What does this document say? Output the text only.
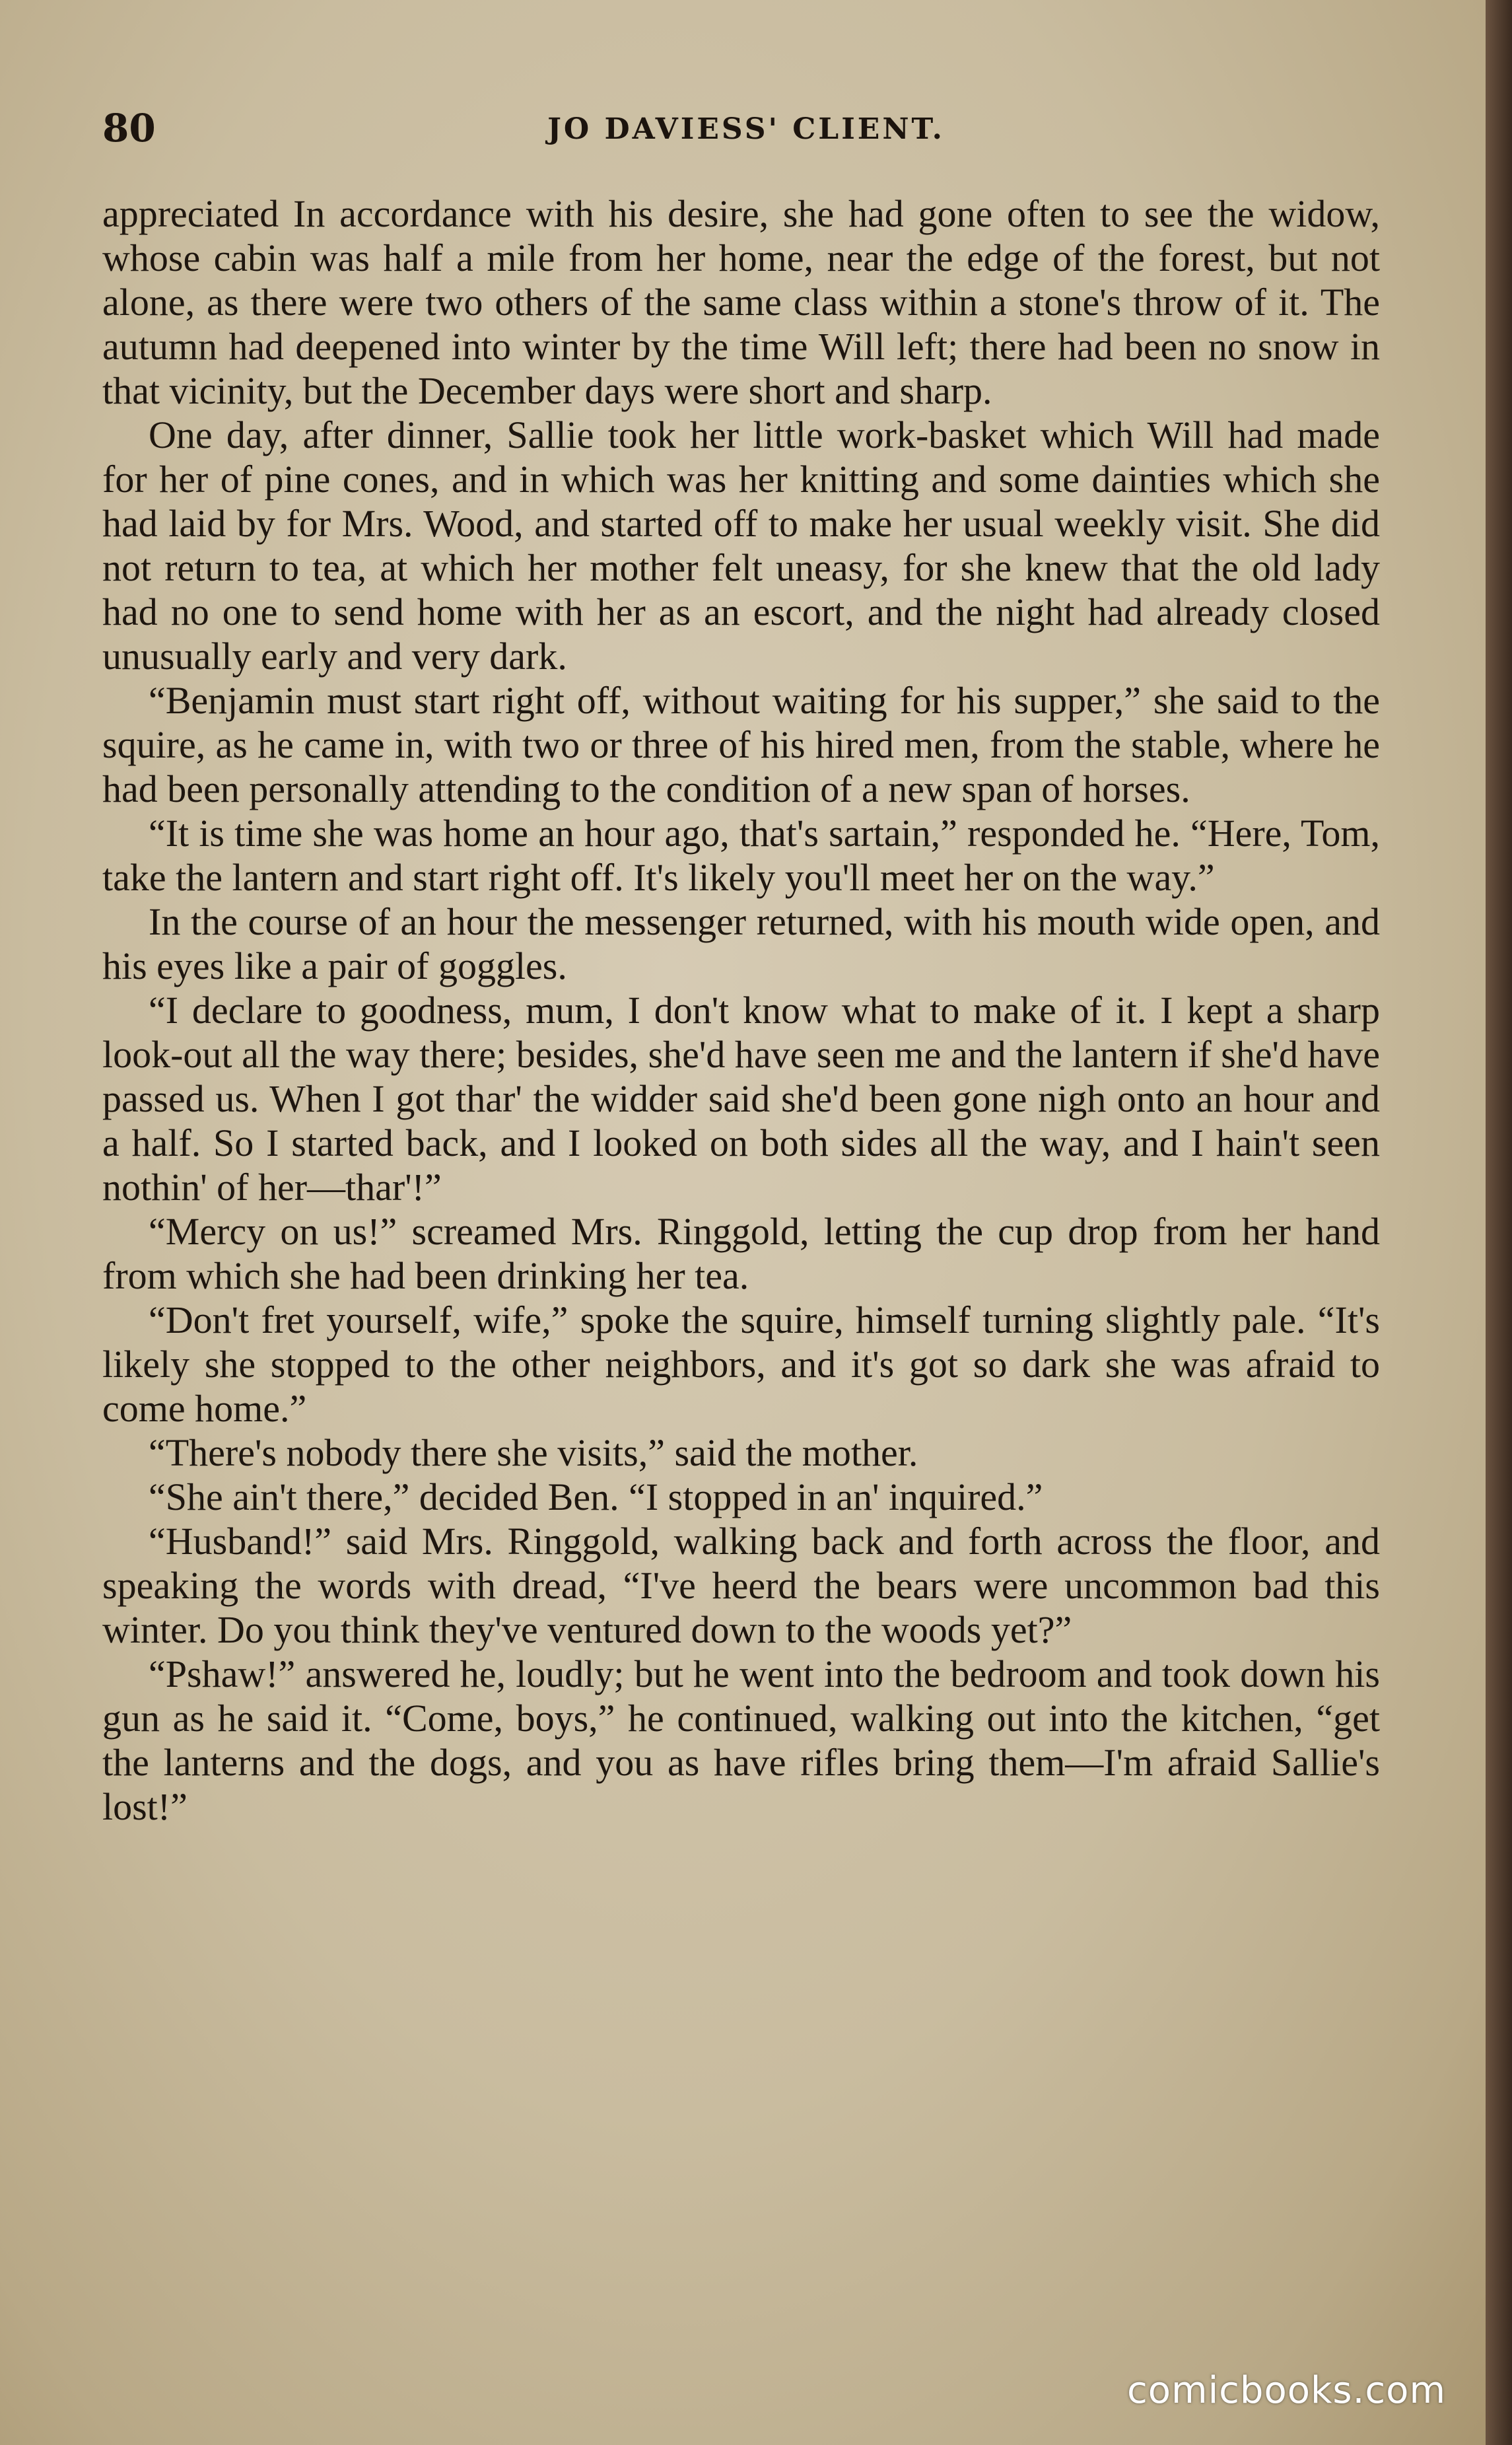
80	JO DAVIESS' CLIENT.

appreciated In accordance with his desire, she had gone often to see the widow, whose cabin was half a mile from her home, near the edge of the forest, but not alone, as there were two others of the same class within a stone's throw of it. The autumn had deepened into winter by the time Will left; there had been no snow in that vicinity, but the December days were short and sharp.

One day, after dinner, Sallie took her little work-basket which Will had made for her of pine cones, and in which was her knitting and some dainties which she had laid by for Mrs. Wood, and started off to make her usual weekly visit. She did not return to tea, at which her mother felt uneasy, for she knew that the old lady had no one to send home with her as an escort, and the night had already closed unusually early and very dark.

“Benjamin must start right off, without waiting for his supper,” she said to the squire, as he came in, with two or three of his hired men, from the stable, where he had been personally attending to the condition of a new span of horses.

“It is time she was home an hour ago, that's sartain,” responded he. “Here, Tom, take the lantern and start right off. It's likely you'll meet her on the way.”

In the course of an hour the messenger returned, with his mouth wide open, and his eyes like a pair of goggles.

“I declare to goodness, mum, I don't know what to make of it. I kept a sharp look-out all the way there; besides, she'd have seen me and the lantern if she'd have passed us. When I got thar' the widder said she'd been gone nigh onto an hour and a half. So I started back, and I looked on both sides all the way, and I hain't seen nothin' of her—thar'!”

“Mercy on us!” screamed Mrs. Ringgold, letting the cup drop from her hand from which she had been drinking her tea.

“Don't fret yourself, wife,” spoke the squire, himself turning slightly pale. “It's likely she stopped to the other neighbors, and it's got so dark she was afraid to come home.”

“There's nobody there she visits,” said the mother.

“She ain't there,” decided Ben. “I stopped in an' inquired.”

“Husband!” said Mrs. Ringgold, walking back and forth across the floor, and speaking the words with dread, “I've heerd the bears were uncommon bad this winter. Do you think they've ventured down to the woods yet?”

“Pshaw!” answered he, loudly; but he went into the bedroom and took down his gun as he said it. “Come, boys,” he continued, walking out into the kitchen, “get the lanterns and the dogs, and you as have rifles bring them—I'm afraid Sallie's lost!”

comicbooks.com
